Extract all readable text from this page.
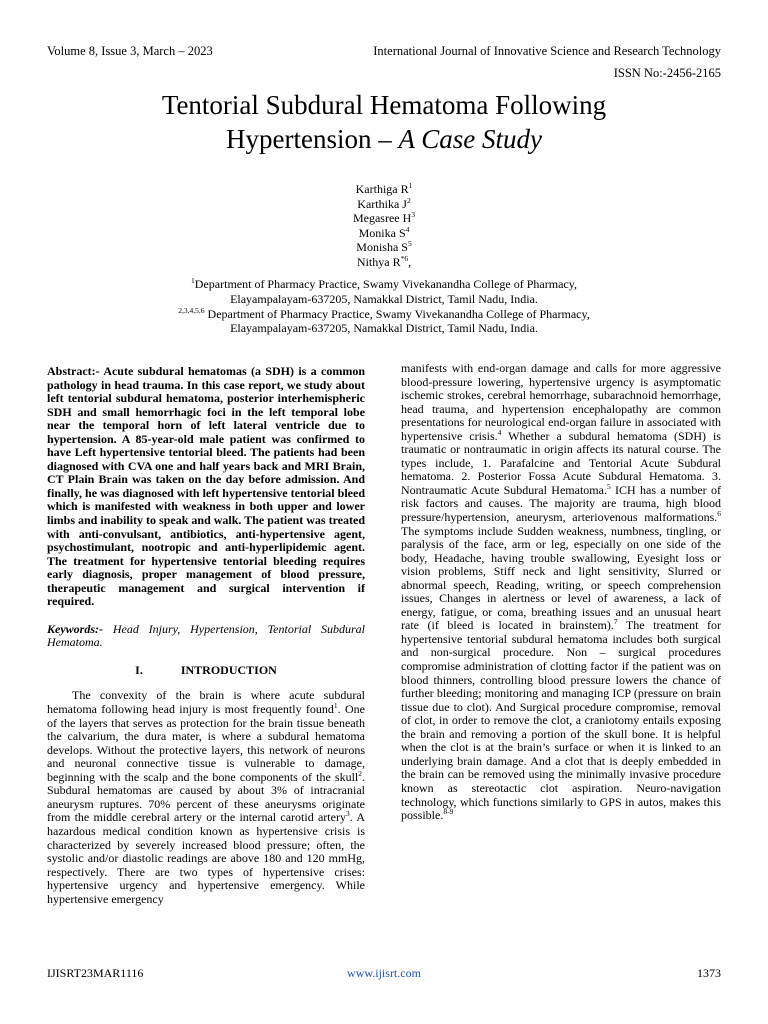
Volume 8, Issue 3, March – 2023	International Journal of Innovative Science and Research Technology
ISSN No:-2456-2165
Tentorial Subdural Hematoma Following
Hypertension – A Case Study
Karthiga $R^1$
Karthika $J^2$
Megasree $H^3$
Monika $S^4$
Monisha $S^5$
Nithya $R^{*6}$,
$^1$Department of Pharmacy Practice, Swamy Vivekanandha College of Pharmacy,
Elayampalayam-637205, Namakkal District, Tamil Nadu, India.
$^{2,3,4,5,6}$ Department of Pharmacy Practice, Swamy Vivekanandha College of Pharmacy,
Elayampalayam-637205, Namakkal District, Tamil Nadu, India.

Abstract:- Acute subdural hematomas (a SDH) is a common pathology in head trauma. In this case report, we study about left tentorial subdural hematoma, posterior interhemispheric SDH and small hemorrhagic foci in the left temporal lobe near the temporal horn of left lateral ventricle due to hypertension. A 85-year-old male patient was confirmed to have Left hypertensive tentorial bleed. The patients had been diagnosed with CVA one and half years back and MRI Brain, CT Plain Brain was taken on the day before admission. And finally, he was diagnosed with left hypertensive tentorial bleed which is manifested with weakness in both upper and lower limbs and inability to speak and walk. The patient was treated with anti-convulsant, antibiotics, anti-hypertensive agent, psychostimulant, nootropic and anti-hyperlipidemic agent. The treatment for hypertensive tentorial bleeding requires early diagnosis, proper management of blood pressure, therapeutic management and surgical intervention if required.

Keywords:- Head Injury, Hypertension, Tentorial Subdural Hematoma.

I.	INTRODUCTION

The convexity of the brain is where acute subdural hematoma following head injury is most frequently found$^1$. One of the layers that serves as protection for the brain tissue beneath the calvarium, the dura mater, is where a subdural hematoma develops. Without the protective layers, this network of neurons and neuronal connective tissue is vulnerable to damage, beginning with the scalp and the bone components of the skull$^2$. Subdural hematomas are caused by about 3% of intracranial aneurysm ruptures. 70% percent of these aneurysms originate from the middle cerebral artery or the internal carotid artery$^3$. A hazardous medical condition known as hypertensive crisis is characterized by severely increased blood pressure; often, the systolic and/or diastolic readings are above 180 and 120 mmHg, respectively. There are two types of hypertensive crises: hypertensive urgency and hypertensive emergency. While hypertensive emergency

manifests with end-organ damage and calls for more aggressive blood-pressure lowering, hypertensive urgency is asymptomatic ischemic strokes, cerebral hemorrhage, subarachnoid hemorrhage, head trauma, and hypertension encephalopathy are common presentations for neurological end-organ failure in associated with hypertensive crisis.$^4$ Whether a subdural hematoma (SDH) is traumatic or nontraumatic in origin affects its natural course. The types include, 1. Parafalcine and Tentorial Acute Subdural hematoma. 2. Posterior Fossa Acute Subdural Hematoma. 3. Nontraumatic Acute Subdural Hematoma.$^5$ ICH has a number of risk factors and causes. The majority are trauma, high blood pressure/hypertension, aneurysm, arteriovenous malformations.$^6$ The symptoms include Sudden weakness, numbness, tingling, or paralysis of the face, arm or leg, especially on one side of the body, Headache, having trouble swallowing, Eyesight loss or vision problems, Stiff neck and light sensitivity, Slurred or abnormal speech, Reading, writing, or speech comprehension issues, Changes in alertness or level of awareness, a lack of energy, fatigue, or coma, breathing issues and an unusual heart rate (if bleed is located in brainstem).$^7$ The treatment for hypertensive tentorial subdural hematoma includes both surgical and non-surgical procedure. Non – surgical procedures compromise administration of clotting factor if the patient was on blood thinners, controlling blood pressure lowers the chance of further bleeding; monitoring and managing ICP (pressure on brain tissue due to clot). And Surgical procedure compromise, removal of clot, in order to remove the clot, a craniotomy entails exposing the brain and removing a portion of the skull bone. It is helpful when the clot is at the brain’s surface or when it is linked to an underlying brain damage. And a clot that is deeply embedded in the brain can be removed using the minimally invasive procedure known as stereotactic clot aspiration. Neuro-navigation technology, which functions similarly to GPS in autos, makes this possible.$^{8-9}$

IJISRT23MAR1116	www.ijisrt.com	1373
